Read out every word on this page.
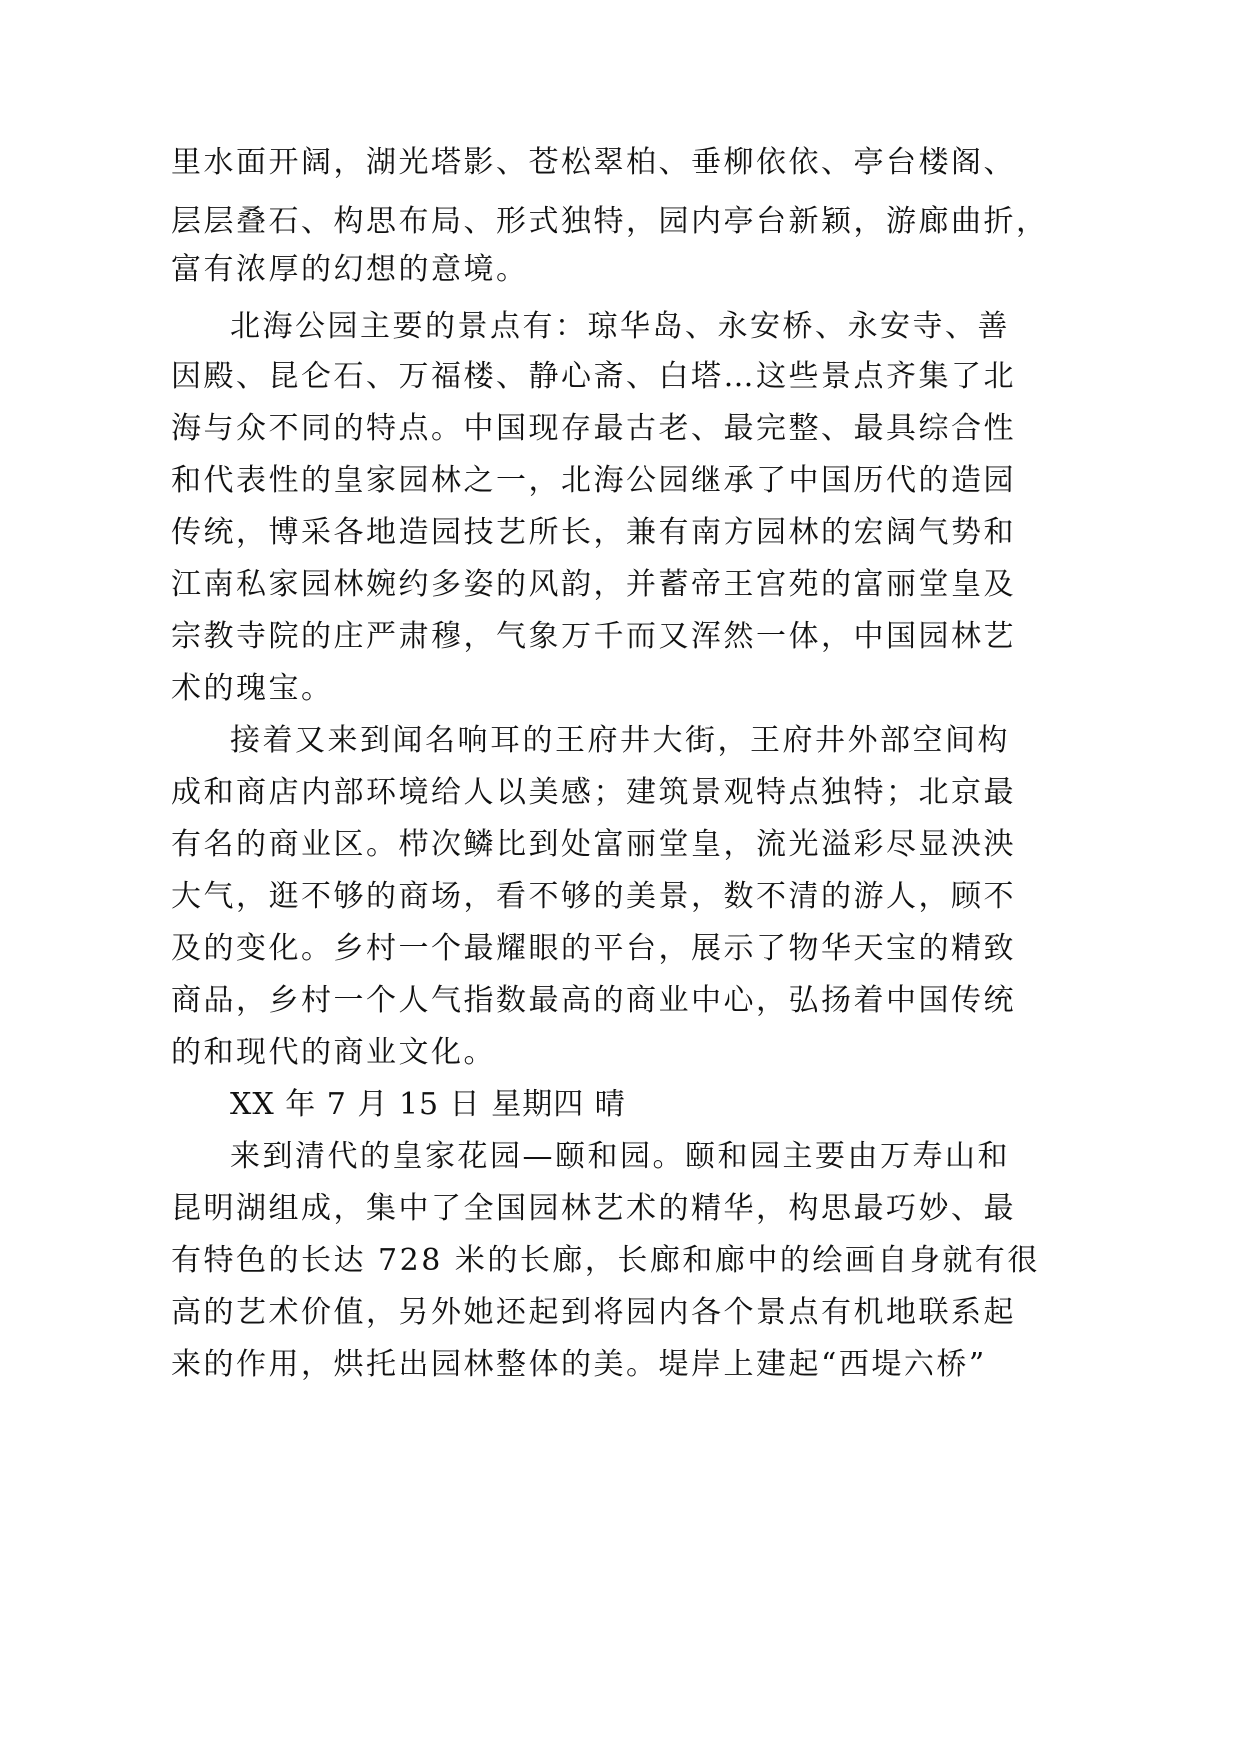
里水面开阔，湖光塔影、苍松翠柏、垂柳依依、亭台楼阁、
层层叠石、构思布局、形式独特，园内亭台新颖，游廊曲折，
富有浓厚的幻想的意境。
北海公园主要的景点有：琼华岛、永安桥、永安寺、善
因殿、昆仑石、万福楼、静心斋、白塔…这些景点齐集了北
海与众不同的特点。中国现存最古老、最完整、最具综合性
和代表性的皇家园林之一，北海公园继承了中国历代的造园
传统，博采各地造园技艺所长，兼有南方园林的宏阔气势和
江南私家园林婉约多姿的风韵，并蓄帝王宫苑的富丽堂皇及
宗教寺院的庄严肃穆，气象万千而又浑然一体，中国园林艺
术的瑰宝。
接着又来到闻名响耳的王府井大街，王府井外部空间构
成和商店内部环境给人以美感；建筑景观特点独特；北京最
有名的商业区。栉次鳞比到处富丽堂皇，流光溢彩尽显泱泱
大气，逛不够的商场，看不够的美景，数不清的游人，顾不
及的变化。乡村一个最耀眼的平台，展示了物华天宝的精致
商品，乡村一个人气指数最高的商业中心，弘扬着中国传统
的和现代的商业文化。
XX 年 7 月 15 日 星期四 晴
来到清代的皇家花园—颐和园。颐和园主要由万寿山和
昆明湖组成，集中了全国园林艺术的精华，构思最巧妙、最
有特色的长达 728 米的长廊，长廊和廊中的绘画自身就有很
高的艺术价值，另外她还起到将园内各个景点有机地联系起
来的作用，烘托出园林整体的美。堤岸上建起“西堤六桥”
